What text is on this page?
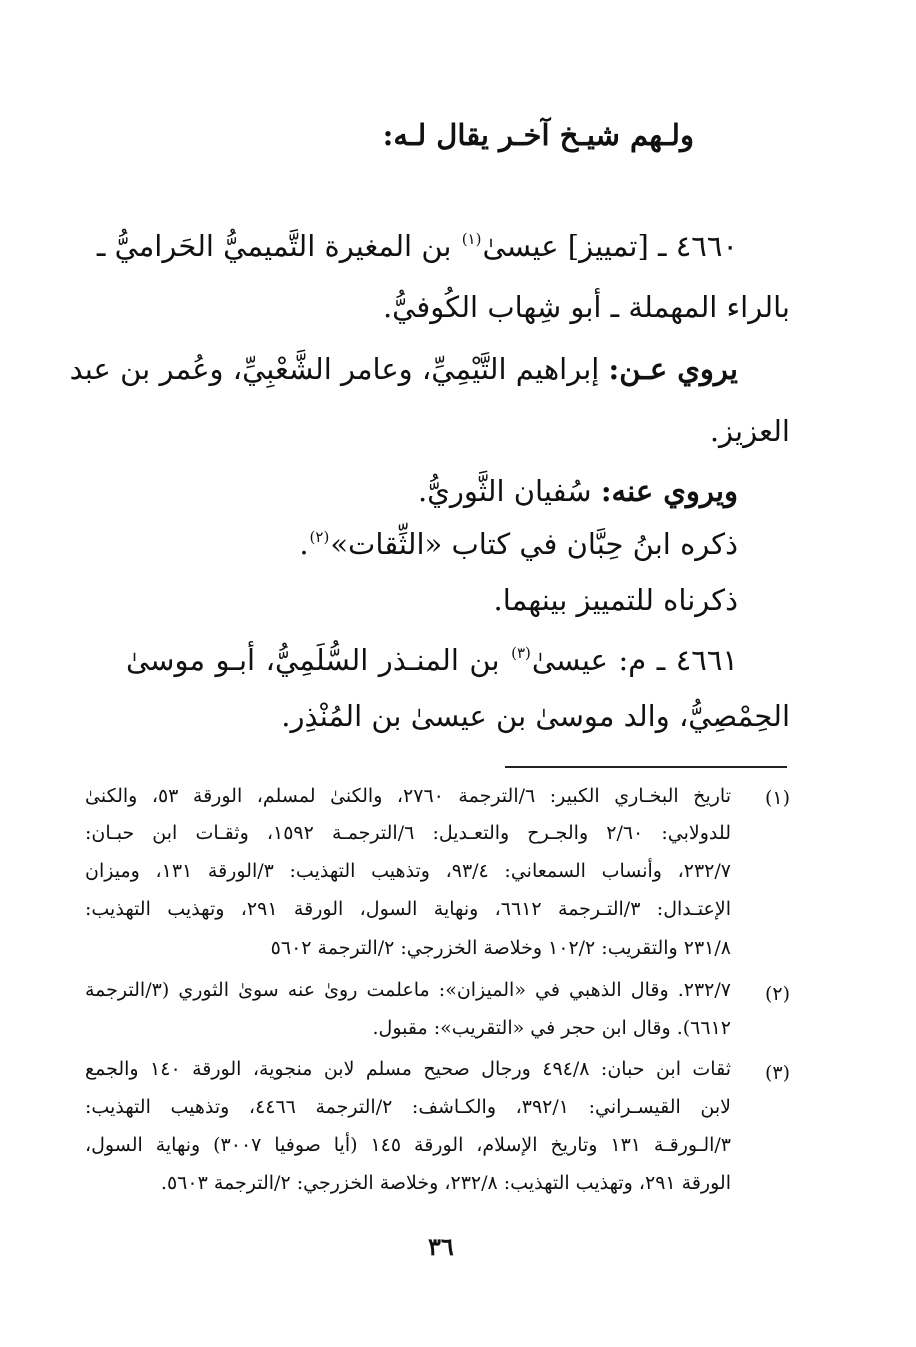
ولـهم شيـخ آخـر يقال لـه:
٤٦٦٠ ـ [تمييز] عيسىٰ$^{(١)}$ بن المغيرة التَّميميُّ الحَراميُّ ـ
بالراء المهملة ـ أبو شِهاب الكُوفيُّ.
يروي عـن: إبراهيم التَّيْمِيِّ، وعامر الشَّعْبِيِّ، وعُمر بن عبد
العزيز.
ويروي عنه: سُفيان الثَّوريُّ.
ذكره ابنُ حِبَّان في كتاب «الثِّقات»$^{(٢)}$.
ذكرناه للتمييز بينهما.
٤٦٦١ ـ م: عيسىٰ$^{(٣)}$ بن المنـذر السُّلَمِيُّ، أبـو موسىٰ
الحِمْصِيُّ، والد موسىٰ بن عيسىٰ بن المُنْذِر.
(١)
تاريخ البخـاري الكبير: ٦/الترجمة ٢٧٦٠، والكنىٰ لمسلم، الورقة ٥٣، والكنىٰ
للدولابي: ٢/٦٠ والجـرح والتعـديل: ٦/الترجمـة ١٥٩٢، وثقـات ابن حبـان:
٢٣٢/٧، وأنساب السمعاني: ٩٣/٤، وتذهيب التهذيب: ٣/الورقة ١٣١، وميزان
الإعتـدال: ٣/التـرجمة ٦٦١٢، ونهاية السول، الورقة ٢٩١، وتهذيب التهذيب:
٢٣١/٨ والتقريب: ١٠٢/٢ وخلاصة الخزرجي: ٢/الترجمة ٥٦٠٢
(٢)
٢٣٢/٧. وقال الذهبي في «الميزان»: ماعلمت روىٰ عنه سوىٰ الثوري (٣/الترجمة
٦٦١٢). وقال ابن حجر في «التقريب»: مقبول.
(٣)
ثقات ابن حبان: ٤٩٤/٨ ورجال صحيح مسلم لابن منجوية، الورقة ١٤٠ والجمع
لابن القيسـراني: ٣٩٢/١، والكـاشف: ٢/الترجمة ٤٤٦٦، وتذهيب التهذيب:
٣/الـورقـة ١٣١ وتاريخ الإسلام، الورقة ١٤٥ (أيا صوفيا ٣٠٠٧) ونهاية السول،
الورقة ٢٩١، وتهذيب التهذيب: ٢٣٢/٨، وخلاصة الخزرجي: ٢/الترجمة ٥٦٠٣.
٣٦
